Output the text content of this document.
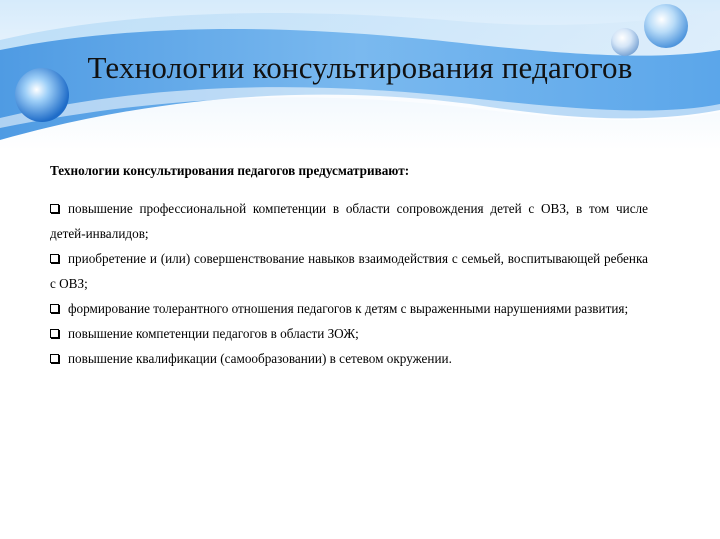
Технологии консультирования педагогов
Технологии консультирования педагогов предусматривают:
повышение профессиональной компетенции в области сопровождения детей с ОВЗ, в том числе детей-инвалидов;
приобретение и (или) совершенствование навыков взаимодействия с семьей, воспитывающей ребенка с ОВЗ;
формирование толерантного отношения педагогов к детям с выраженными нарушениями развития;
повышение компетенции педагогов в области ЗОЖ;
повышение квалификации (самообразовании) в сетевом окружении.
